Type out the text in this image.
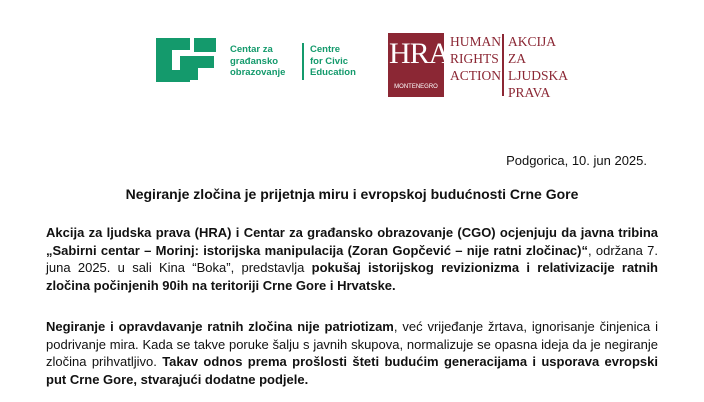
Centar za
građansko
obrazovanje
Centre
for Civic
Education
HRA
MONTENEGRO
HUMAN
RIGHTS
ACTION
AKCIJA ZA
LJUDSKA
PRAVA
Podgorica, 10. jun 2025.
Negiranje zločina je prijetnja miru i evropskoj budućnosti Crne Gore
Akcija za ljudska prava (HRA) i Centar za građansko obrazovanje (CGO) ocjenjuju da javna tribina „Sabirni centar – Morinj: istorijska manipulacija (Zoran Gopčević – nije ratni zločinac)“, održana 7. juna 2025. u sali Kina “Boka”, predstavlja pokušaj istorijskog revizionizma i relativizacije ratnih zločina počinjenih 90ih na teritoriji Crne Gore i Hrvatske.
Negiranje i opravdavanje ratnih zločina nije patriotizam, već vrijeđanje žrtava, ignorisanje činjenica i podrivanje mira. Kada se takve poruke šalju s javnih skupova, normalizuje se opasna ideja da je negiranje zločina prihvatljivo. Takav odnos prema prošlosti šteti budućim generacijama i usporava evropski put Crne Gore, stvarajući dodatne podjele.
